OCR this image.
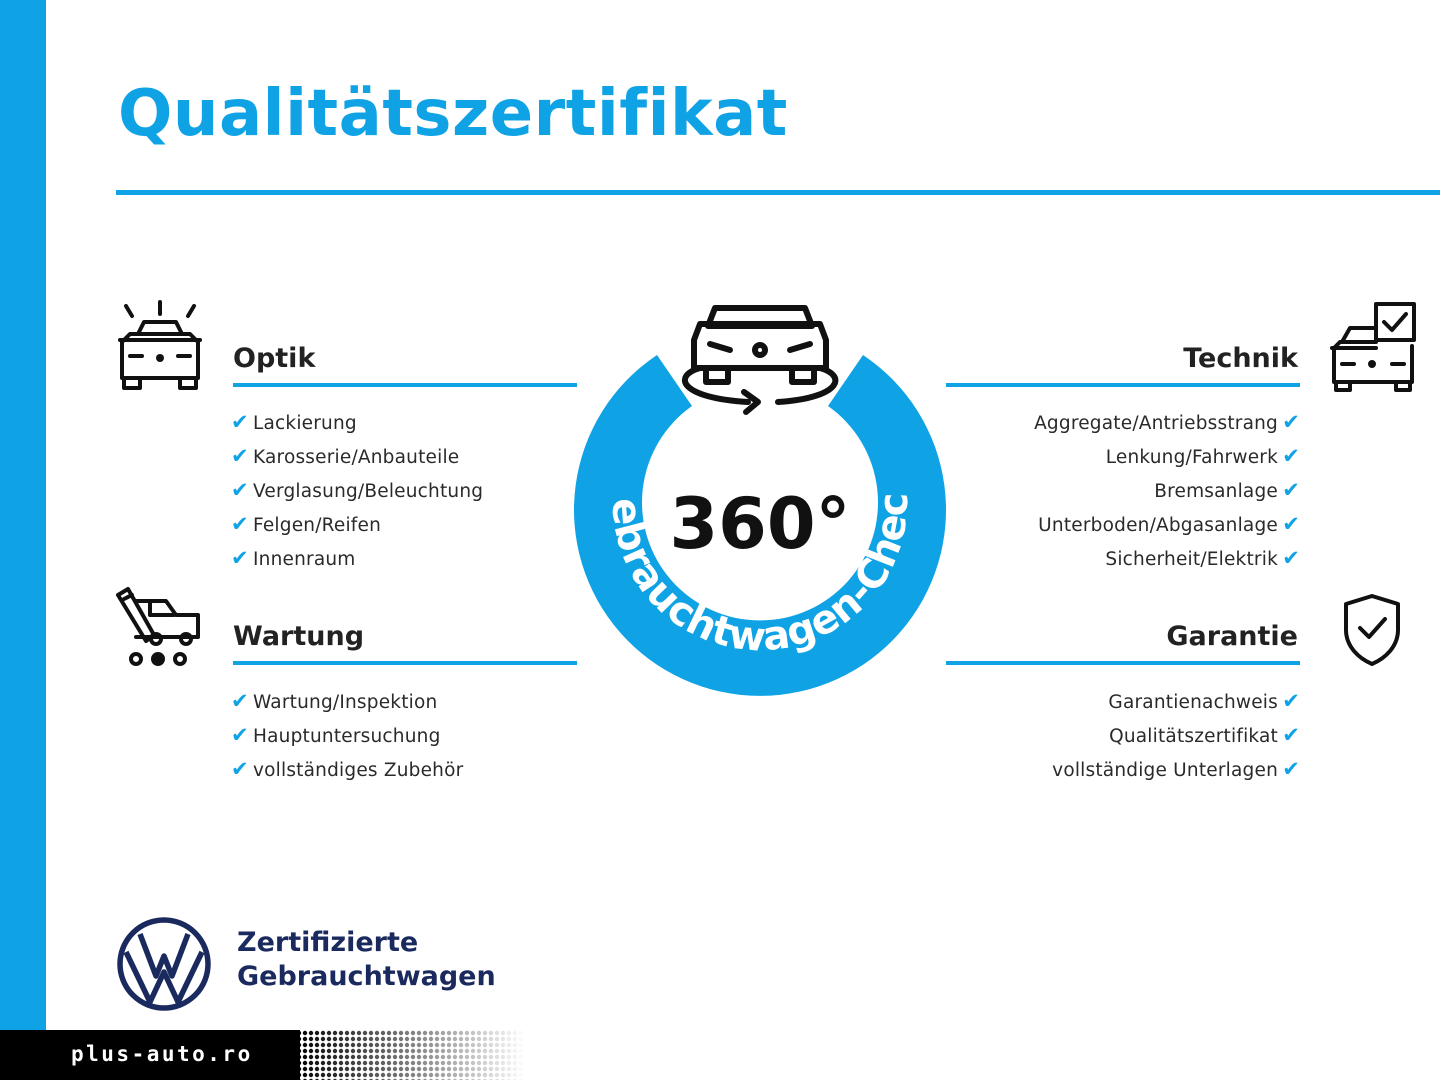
Qualitätszertifikat
Optik
✔ Lackierung
✔ Karosserie/Anbauteile
✔ Verglasung/Beleuchtung
✔ Felgen/Reifen
✔ Innenraum
Wartung
✔ Wartung/Inspektion
✔ Hauptuntersuchung
✔ vollständiges Zubehör
Technik
Aggregate/Antriebsstrang ✔
Lenkung/Fahrwerk ✔
Bremsanlage ✔
Unterboden/Abgasanlage ✔
Sicherheit/Elektrik ✔
Garantie
Garantienachweis ✔
Qualitätszertifikat ✔
vollständige Unterlagen ✔
ebrauchtwagen-Chec
360°
Zertifizierte
Gebrauchtwagen
plus-auto.ro
